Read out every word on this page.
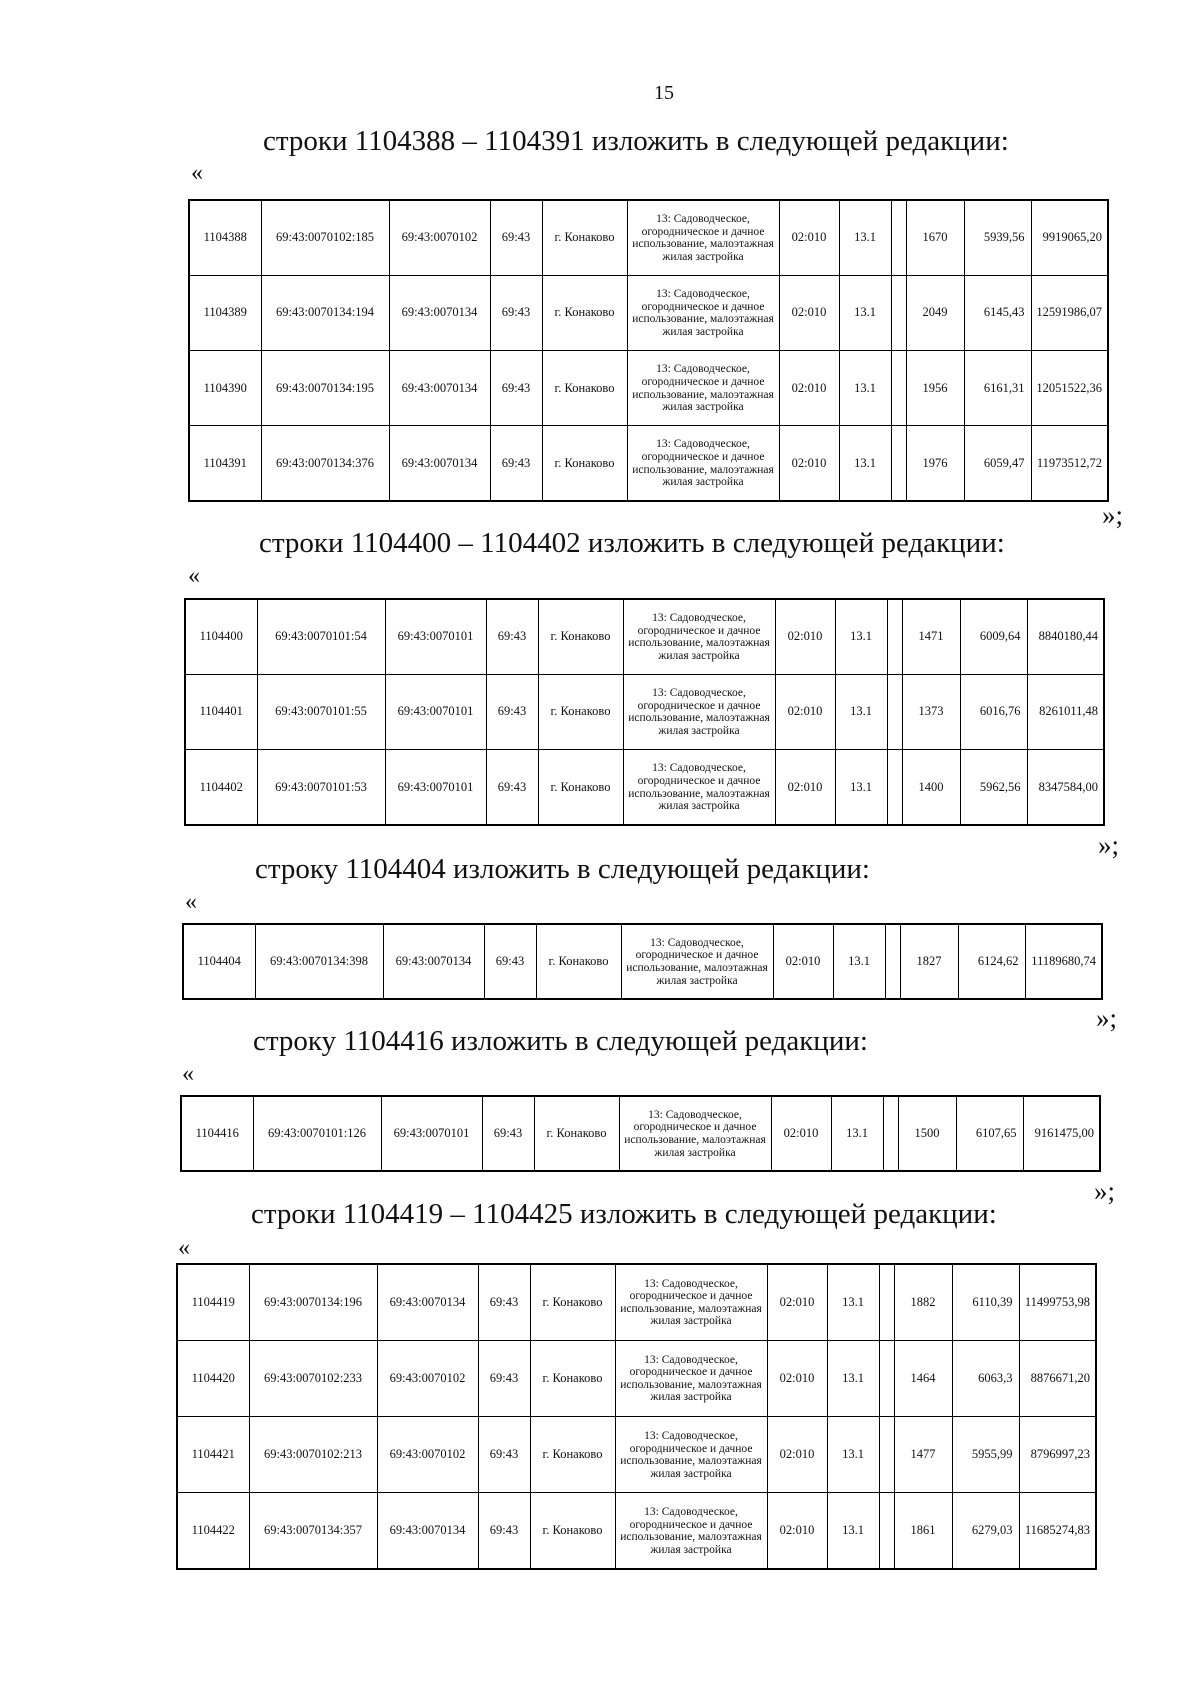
15
строки 1104388 – 1104391 изложить в следующей редакции:
«
1104388	69:43:0070102:185	69:43:0070102	69:43	г. Конаково	13: Садоводческое, огородническое и дачное использование, малоэтажная жилая застройка	02:010	13.1		1670	5939,56	9919065,20
1104389	69:43:0070134:194	69:43:0070134	69:43	г. Конаково	13: Садоводческое, огородническое и дачное использование, малоэтажная жилая застройка	02:010	13.1		2049	6145,43	12591986,07
1104390	69:43:0070134:195	69:43:0070134	69:43	г. Конаково	13: Садоводческое, огородническое и дачное использование, малоэтажная жилая застройка	02:010	13.1		1956	6161,31	12051522,36
1104391	69:43:0070134:376	69:43:0070134	69:43	г. Конаково	13: Садоводческое, огородническое и дачное использование, малоэтажная жилая застройка	02:010	13.1		1976	6059,47	11973512,72
»;
строки 1104400 – 1104402 изложить в следующей редакции:
«
1104400	69:43:0070101:54	69:43:0070101	69:43	г. Конаково	13: Садоводческое, огородническое и дачное использование, малоэтажная жилая застройка	02:010	13.1		1471	6009,64	8840180,44
1104401	69:43:0070101:55	69:43:0070101	69:43	г. Конаково	13: Садоводческое, огородническое и дачное использование, малоэтажная жилая застройка	02:010	13.1		1373	6016,76	8261011,48
1104402	69:43:0070101:53	69:43:0070101	69:43	г. Конаково	13: Садоводческое, огородническое и дачное использование, малоэтажная жилая застройка	02:010	13.1		1400	5962,56	8347584,00
»;
строку 1104404 изложить в следующей редакции:
«
1104404	69:43:0070134:398	69:43:0070134	69:43	г. Конаково	13: Садоводческое, огородническое и дачное использование, малоэтажная жилая застройка	02:010	13.1		1827	6124,62	11189680,74
»;
строку 1104416 изложить в следующей редакции:
«
1104416	69:43:0070101:126	69:43:0070101	69:43	г. Конаково	13: Садоводческое, огородническое и дачное использование, малоэтажная жилая застройка	02:010	13.1		1500	6107,65	9161475,00
»;
строки 1104419 – 1104425 изложить в следующей редакции:
«
1104419	69:43:0070134:196	69:43:0070134	69:43	г. Конаково	13: Садоводческое, огородническое и дачное использование, малоэтажная жилая застройка	02:010	13.1		1882	6110,39	11499753,98
1104420	69:43:0070102:233	69:43:0070102	69:43	г. Конаково	13: Садоводческое, огородническое и дачное использование, малоэтажная жилая застройка	02:010	13.1		1464	6063,3	8876671,20
1104421	69:43:0070102:213	69:43:0070102	69:43	г. Конаково	13: Садоводческое, огородническое и дачное использование, малоэтажная жилая застройка	02:010	13.1		1477	5955,99	8796997,23
1104422	69:43:0070134:357	69:43:0070134	69:43	г. Конаково	13: Садоводческое, огородническое и дачное использование, малоэтажная жилая застройка	02:010	13.1		1861	6279,03	11685274,83
